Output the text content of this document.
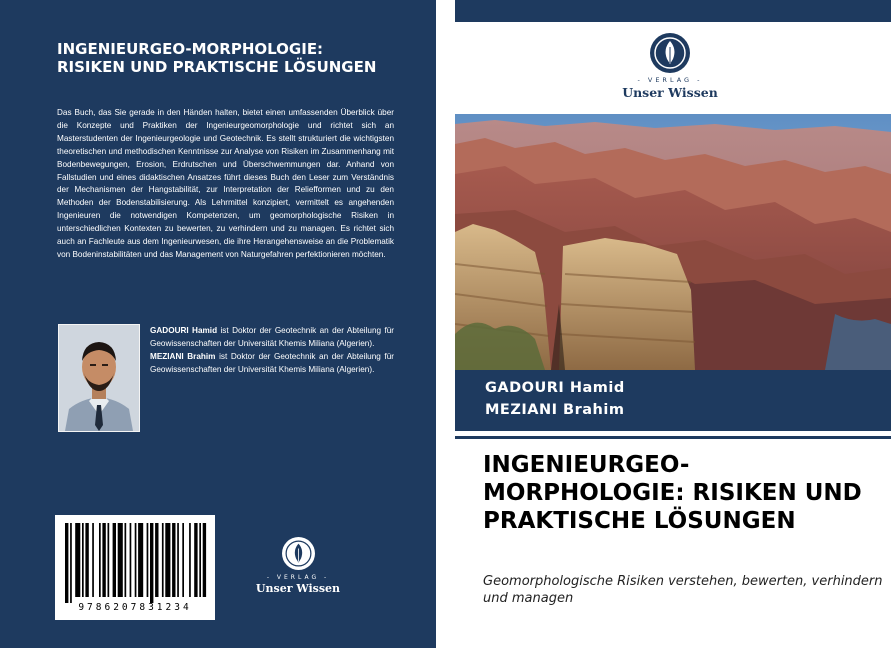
INGENIEURGEO-MORPHOLOGIE: RISIKEN UND PRAKTISCHE LÖSUNGEN

Das Buch, das Sie gerade in den Händen halten, bietet einen umfassenden Überblick über die Konzepte und Praktiken der Ingenieurgeomorphologie und richtet sich an Masterstudenten der Ingenieurgeologie und Geotechnik. Es stellt strukturiert die wichtigsten theoretischen und methodischen Kenntnisse zur Analyse von Risiken im Zusammenhang mit Bodenbewegungen, Erosion, Erdrutschen und Überschwemmungen dar. Anhand von Fallstudien und eines didaktischen Ansatzes führt dieses Buch den Leser zum Verständnis der Mechanismen der Hangstabilität, zur Interpretation der Reliefformen und zu den Methoden der Bodenstabilisierung. Als Lehrmittel konzipiert, vermittelt es angehenden Ingenieuren die notwendigen Kompetenzen, um geomorphologische Risiken in unterschiedlichen Kontexten zu bewerten, zu verhindern und zu managen. Es richtet sich auch an Fachleute aus dem Ingenieurwesen, die ihre Herangehensweise an die Problematik von Bodeninstabilitäten und das Management von Naturgefahren perfektionieren möchten.

GADOURI Hamid ist Doktor der Geotechnik an der Abteilung für Geowissenschaften der Universität Khemis Miliana (Algerien).

MEZIANI Brahim ist Doktor der Geotechnik an der Abteilung für Geowissenschaften der Universität Khemis Miliana (Algerien).

9786207831234
- VERLAG -
Unser Wissen
- VERLAG -
Unser Wissen
GADOURI Hamid
MEZIANI Brahim
INGENIEURGEO-MORPHOLOGIE: RISIKEN UND PRAKTISCHE LÖSUNGEN

Geomorphologische Risiken verstehen, bewerten, verhindern und managen
